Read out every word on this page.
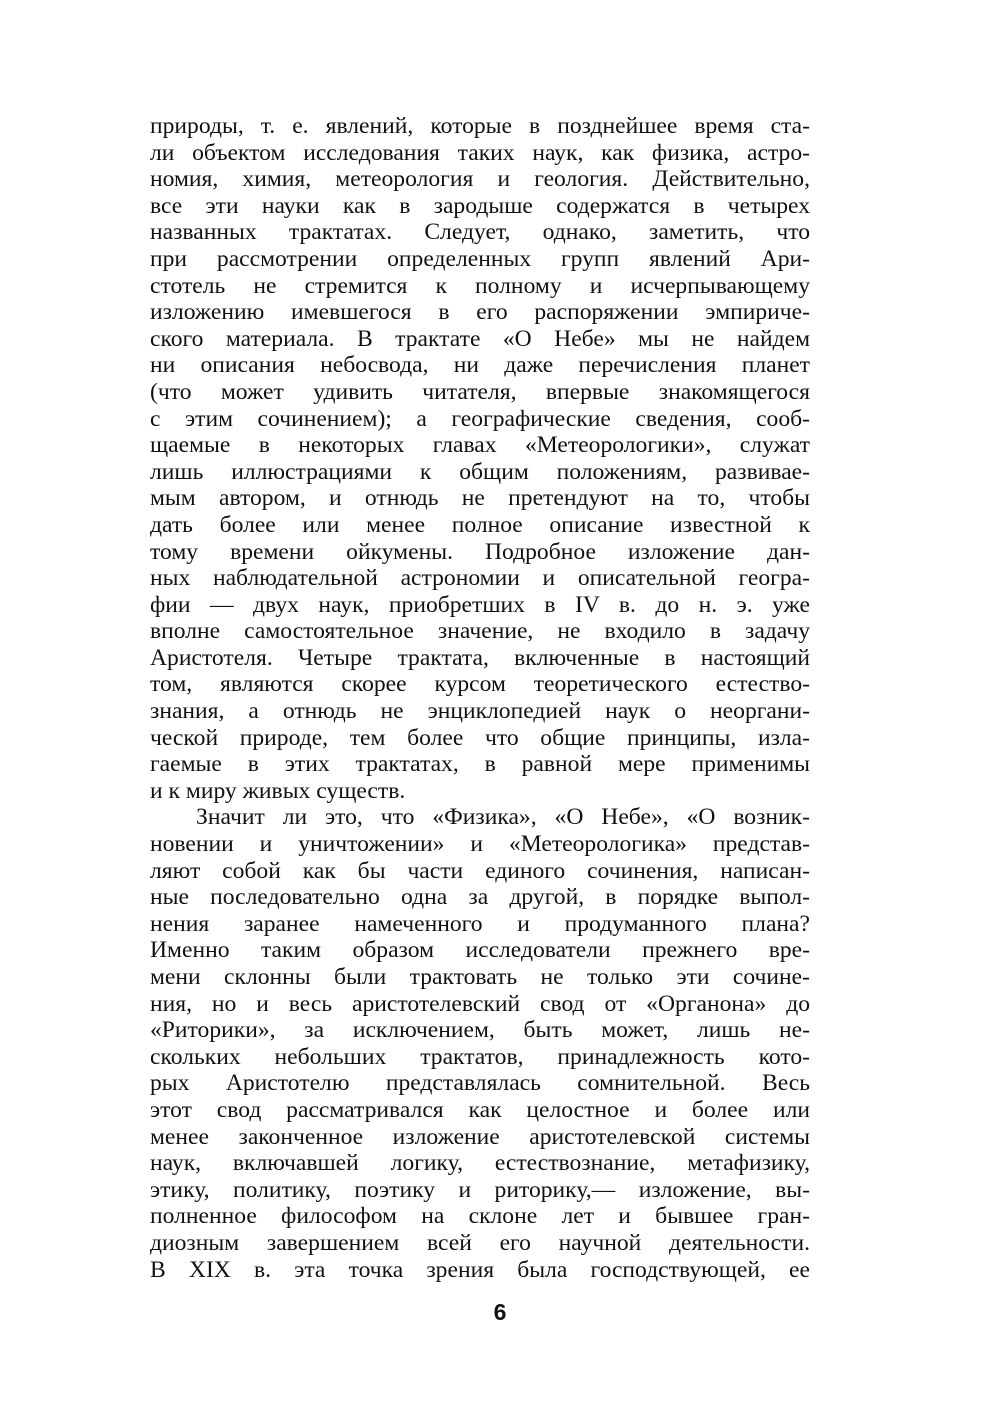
природы, т. е. явлений, которые в позднейшее время ста-
ли объектом исследования таких наук, как физика, астро-
номия, химия, метеорология и геология. Действительно,
все эти науки как в зародыше содержатся в четырех
названных трактатах. Следует, однако, заметить, что
при рассмотрении определенных групп явлений Ари-
стотель не стремится к полному и исчерпывающему
изложению имевшегося в его распоряжении эмпириче-
ского материала. В трактате «О Небе» мы не найдем
ни описания небосвода, ни даже перечисления планет
(что может удивить читателя, впервые знакомящегося
с этим сочинением); а географические сведения, сооб-
щаемые в некоторых главах «Метеорологики», служат
лишь иллюстрациями к общим положениям, развивае-
мым автором, и отнюдь не претендуют на то, чтобы
дать более или менее полное описание известной к
тому времени ойкумены. Подробное изложение дан-
ных наблюдательной астрономии и описательной геогра-
фии — двух наук, приобретших в IV в. до н. э. уже
вполне самостоятельное значение, не входило в задачу
Аристотеля. Четыре трактата, включенные в настоящий
том, являются скорее курсом теоретического естество-
знания, а отнюдь не энциклопедией наук о неоргани-
ческой природе, тем более что общие принципы, изла-
гаемые в этих трактатах, в равной мере применимы
и к миру живых существ.
Значит ли это, что «Физика», «О Небе», «О возник-
новении и уничтожении» и «Метеорологика» представ-
ляют собой как бы части единого сочинения, написан-
ные последовательно одна за другой, в порядке выпол-
нения заранее намеченного и продуманного плана?
Именно таким образом исследователи прежнего вре-
мени склонны были трактовать не только эти сочине-
ния, но и весь аристотелевский свод от «Органона» до
«Риторики», за исключением, быть может, лишь не-
скольких небольших трактатов, принадлежность кото-
рых Аристотелю представлялась сомнительной. Весь
этот свод рассматривался как целостное и более или
менее законченное изложение аристотелевской системы
наук, включавшей логику, естествознание, метафизику,
этику, политику, поэтику и риторику,— изложение, вы-
полненное философом на склоне лет и бывшее гран-
диозным завершением всей его научной деятельности.
В XIX в. эта точка зрения была господствующей, ее
6
